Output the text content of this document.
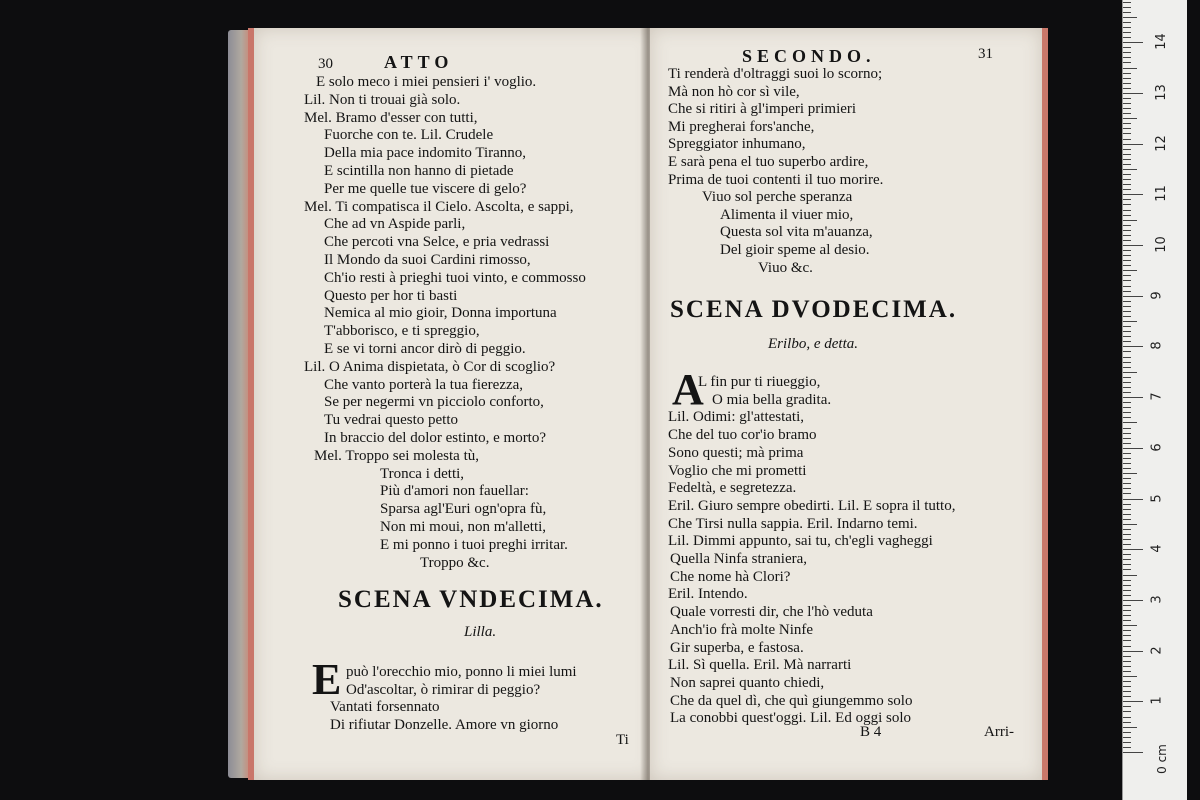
30	ATTO
E solo meco i miei pensieri i' voglio.
Lil. Non ti trouai già solo.
Mel. Bramo d'esser con tutti,
Fuorche con te. Lil. Crudele
Della mia pace indomito Tiranno,
E scintilla non hanno di pietade
Per me quelle tue viscere di gelo?
Mel. Ti compatisca il Cielo. Ascolta, e sappi,
Che ad vn Aspide parli,
Che percoti vna Selce, e pria vedrassi
Il Mondo da suoi Cardini rimosso,
Ch'io resti à prieghi tuoi vinto, e commosso
Questo per hor ti basti
Nemica al mio gioir, Donna importuna
T'abborisco, e ti spreggio,
E se vi torni ancor dirò di peggio.
Lil. O Anima dispietata, ò Cor di scoglio?
Che vanto porterà la tua fierezza,
Se per negermi vn picciolo conforto,
Tu vedrai questo petto
In braccio del dolor estinto, e morto?
Mel. Troppo sei molesta tù,
Tronca i detti,
Più d'amori non fauellar:
Sparsa agl'Euri ogn'opra fù,
Non mi moui, non m'alletti,
E mi ponno i tuoi preghi irritar.
Troppo &c.
SCENA VNDECIMA.
Lilla.
E può l'orecchio mio, ponno li miei lumi
Od'ascoltar, ò rimirar di peggio?
Vantati forsennato
Di rifiutar Donzelle. Amore vn giorno
Ti
SECONDO.	31
Ti renderà d'oltraggi suoi lo scorno;
Mà non hò cor sì vile,
Che si ritiri à gl'imperi primieri
Mi pregherai fors'anche,
Spreggiator inhumano,
E sarà pena el tuo superbo ardire,
Prima de tuoi contenti il tuo morire.
Viuo sol perche speranza
Alimenta il viuer mio,
Questa sol vita m'auanza,
Del gioir speme al desio.
Viuo &c.
SCENA DVODECIMA.
Erilbo, e detta.
A
L fin pur ti riueggio,
O mia bella gradita.
Lil. Odimi: gl'attestati,
Che del tuo cor'io bramo
Sono questi; mà prima
Voglio che mi prometti
Fedeltà, e segretezza.
Eril. Giuro sempre obedirti. Lil. E sopra il tutto,
Che Tirsi nulla sappia. Eril. Indarno temi.
Lil. Dimmi appunto, sai tu, ch'egli vagheggi
Quella Ninfa straniera,
Che nome hà Clori?
Eril. Intendo.
Quale vorresti dir, che l'hò veduta
Anch'io frà molte Ninfe
Gir superba, e fastosa.
Lil. Sì quella. Eril. Mà narrarti
Non saprei quanto chiedi,
Che da quel dì, che quì giungemmo solo
La conobbi quest'oggi. Lil. Ed oggi solo
B 4	Arri-
0 cm
14
13
12
11
10
9
8
7
6
5
4
3
2
1
